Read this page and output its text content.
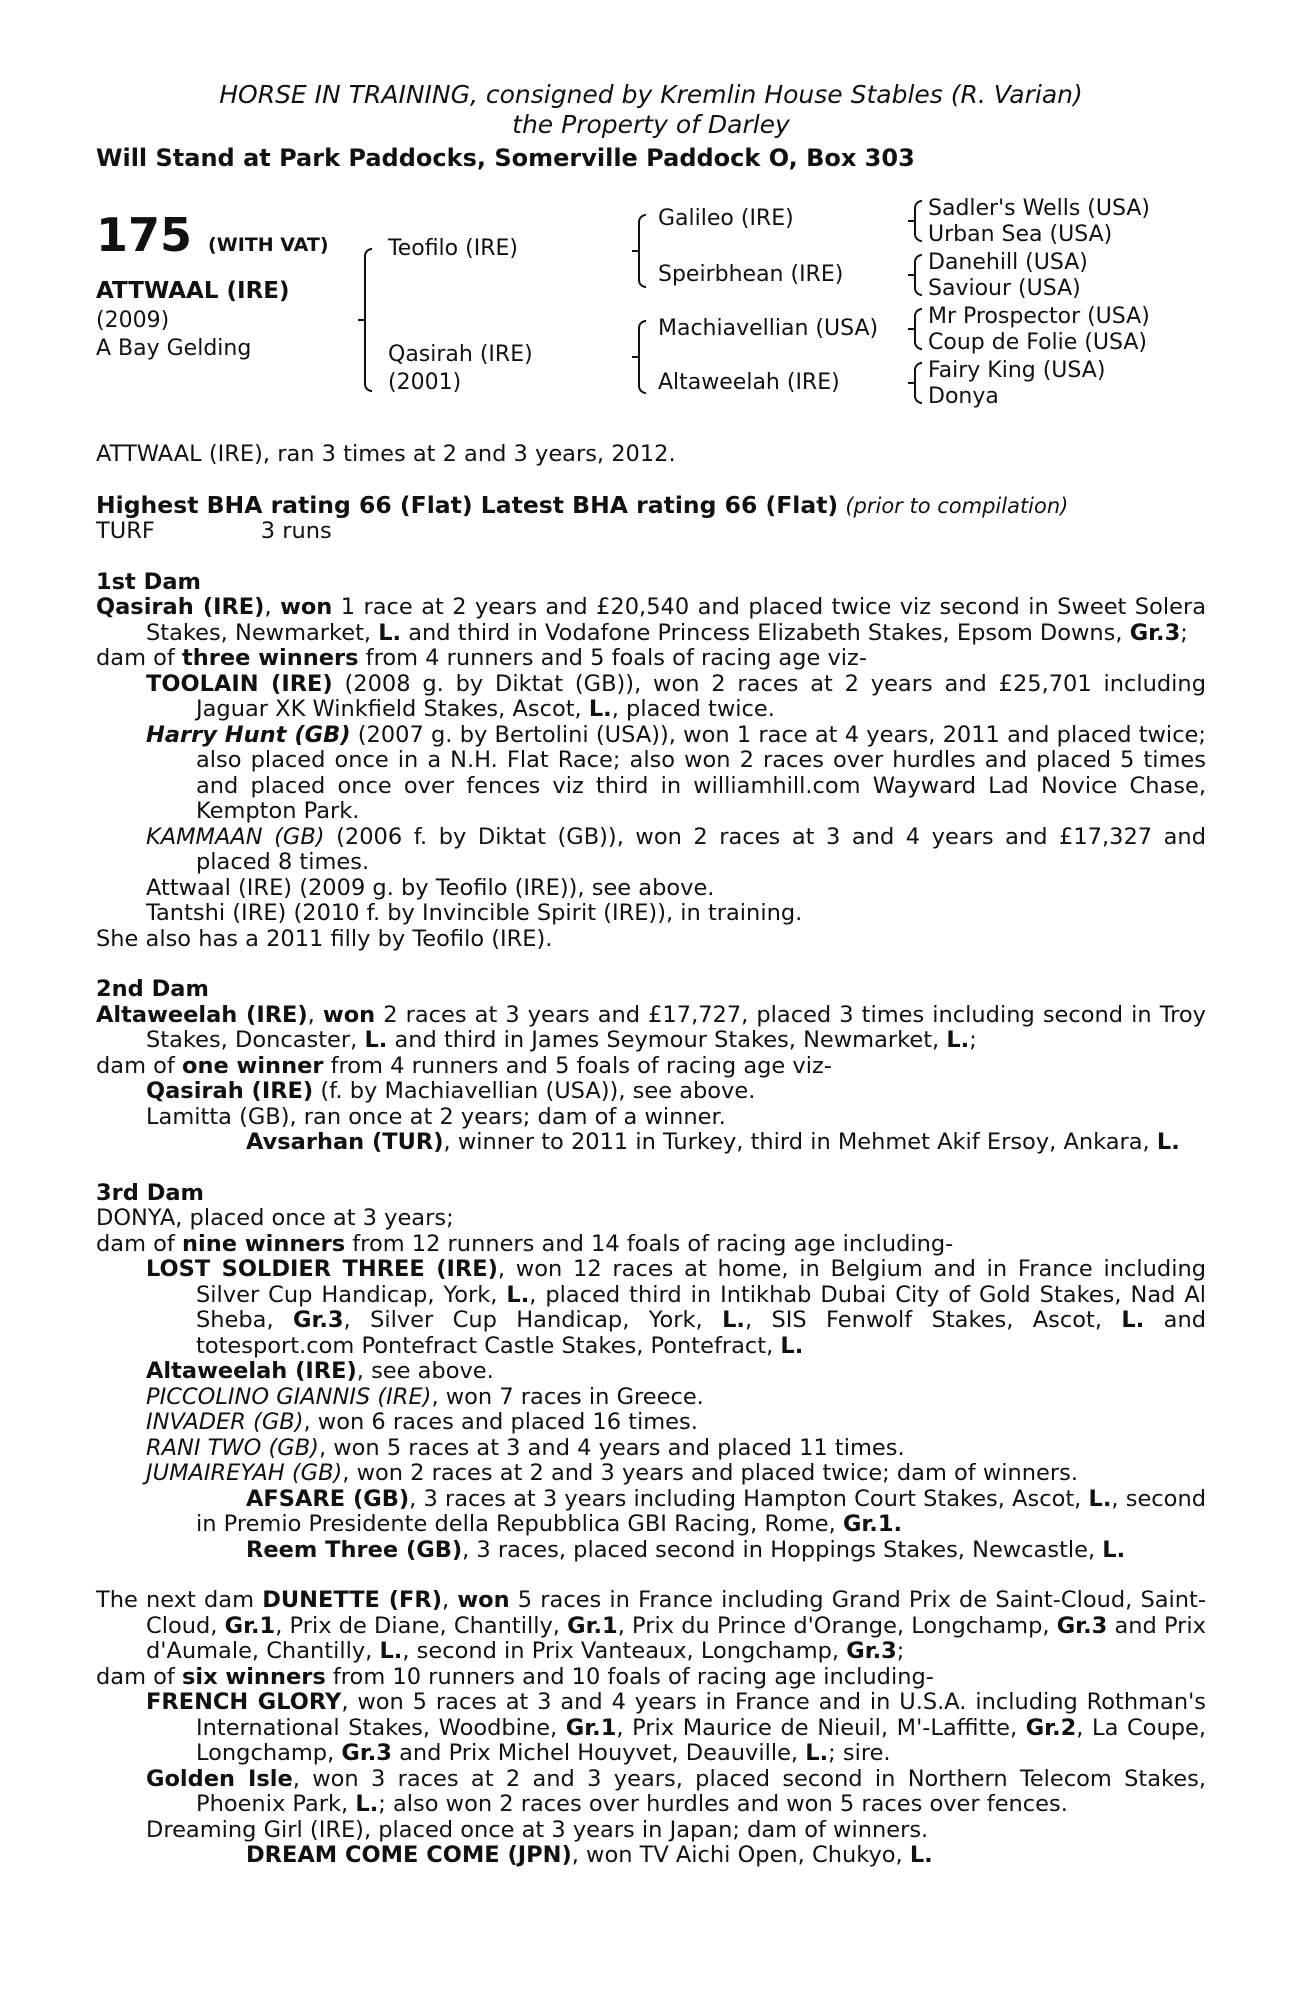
HORSE IN TRAINING, consigned by Kremlin House Stables (R. Varian)
the Property of Darley
Will Stand at Park Paddocks, Somerville Paddock O, Box 303
175 (WITH VAT)
ATTWAAL (IRE)
(2009)
A Bay Gelding
Teofilo (IRE)
Qasirah (IRE)
(2001)
Galileo (IRE)
Speirbhean (IRE)
Machiavellian (USA)
Altaweelah (IRE)
Sadler's Wells (USA)
Urban Sea (USA)
Danehill (USA)
Saviour (USA)
Mr Prospector (USA)
Coup de Folie (USA)
Fairy King (USA)
Donya

ATTWAAL (IRE), ran 3 times at 2 and 3 years, 2012.

Highest BHA rating 66 (Flat) Latest BHA rating 66 (Flat) (prior to compilation)

TURF	3 runs

1st Dam

Qasirah (IRE), won 1 race at 2 years and £20,540 and placed twice viz second in Sweet Solera Stakes, Newmarket, L. and third in Vodafone Princess Elizabeth Stakes, Epsom Downs, Gr.3;

dam of three winners from 4 runners and 5 foals of racing age viz-

TOOLAIN (IRE) (2008 g. by Diktat (GB)), won 2 races at 2 years and £25,701 including Jaguar XK Winkfield Stakes, Ascot, L., placed twice.

Harry Hunt (GB) (2007 g. by Bertolini (USA)), won 1 race at 4 years, 2011 and placed twice; also placed once in a N.H. Flat Race; also won 2 races over hurdles and placed 5 times and placed once over fences viz third in williamhill.com Wayward Lad Novice Chase, Kempton Park.

KAMMAAN (GB) (2006 f. by Diktat (GB)), won 2 races at 3 and 4 years and £17,327 and placed 8 times.

Attwaal (IRE) (2009 g. by Teofilo (IRE)), see above.

Tantshi (IRE) (2010 f. by Invincible Spirit (IRE)), in training.

She also has a 2011 filly by Teofilo (IRE).

2nd Dam

Altaweelah (IRE), won 2 races at 3 years and £17,727, placed 3 times including second in Troy Stakes, Doncaster, L. and third in James Seymour Stakes, Newmarket, L.;

dam of one winner from 4 runners and 5 foals of racing age viz-

Qasirah (IRE) (f. by Machiavellian (USA)), see above.

Lamitta (GB), ran once at 2 years; dam of a winner.

Avsarhan (TUR), winner to 2011 in Turkey, third in Mehmet Akif Ersoy, Ankara, L.

3rd Dam

DONYA, placed once at 3 years;

dam of nine winners from 12 runners and 14 foals of racing age including-

LOST SOLDIER THREE (IRE), won 12 races at home, in Belgium and in France including Silver Cup Handicap, York, L., placed third in Intikhab Dubai City of Gold Stakes, Nad Al Sheba, Gr.3, Silver Cup Handicap, York, L., SIS Fenwolf Stakes, Ascot, L. and totesport.com Pontefract Castle Stakes, Pontefract, L.

Altaweelah (IRE), see above.

PICCOLINO GIANNIS (IRE), won 7 races in Greece.

INVADER (GB), won 6 races and placed 16 times.

RANI TWO (GB), won 5 races at 3 and 4 years and placed 11 times.

JUMAIREYAH (GB), won 2 races at 2 and 3 years and placed twice; dam of winners.

AFSARE (GB), 3 races at 3 years including Hampton Court Stakes, Ascot, L., second in Premio Presidente della Repubblica GBI Racing, Rome, Gr.1.

Reem Three (GB), 3 races, placed second in Hoppings Stakes, Newcastle, L.

The next dam DUNETTE (FR), won 5 races in France including Grand Prix de Saint-Cloud, Saint-Cloud, Gr.1, Prix de Diane, Chantilly, Gr.1, Prix du Prince d'Orange, Longchamp, Gr.3 and Prix d'Aumale, Chantilly, L., second in Prix Vanteaux, Longchamp, Gr.3;

dam of six winners from 10 runners and 10 foals of racing age including-

FRENCH GLORY, won 5 races at 3 and 4 years in France and in U.S.A. including Rothman's International Stakes, Woodbine, Gr.1, Prix Maurice de Nieuil, M'-Laffitte, Gr.2, La Coupe, Longchamp, Gr.3 and Prix Michel Houyvet, Deauville, L.; sire.

Golden Isle, won 3 races at 2 and 3 years, placed second in Northern Telecom Stakes, Phoenix Park, L.; also won 2 races over hurdles and won 5 races over fences.

Dreaming Girl (IRE), placed once at 3 years in Japan; dam of winners.

DREAM COME COME (JPN), won TV Aichi Open, Chukyo, L.
